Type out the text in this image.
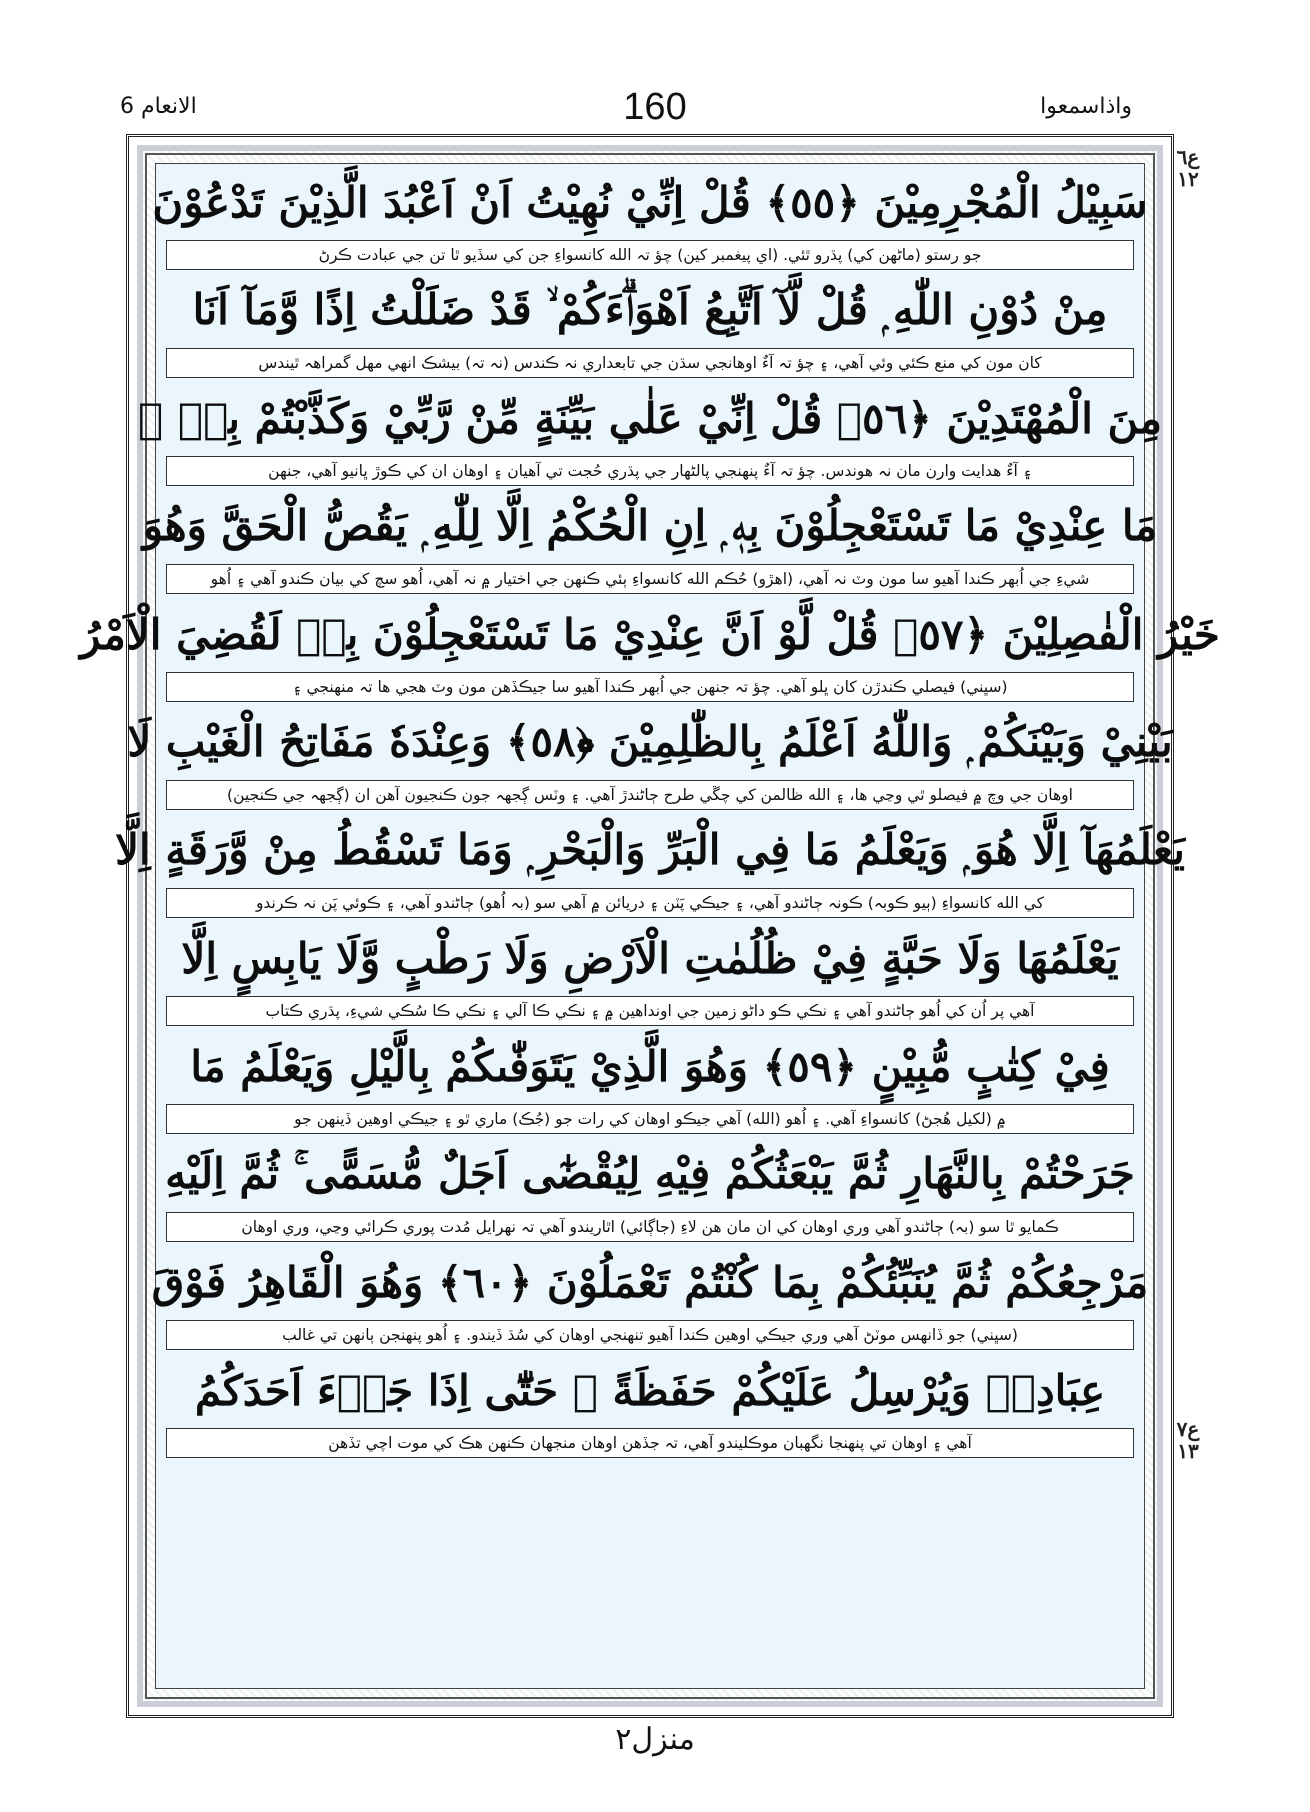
الانعام 6	160	واذاسمعوا
ع٦ ١٢
ع٧ ١٣
سَبِيْلُ الْمُجْرِمِيْنَ ﴿٥٥﴾ قُلْ اِنِّيْ نُهِيْتُ اَنْ اَعْبُدَ الَّذِيْنَ تَدْعُوْنَ
جو رستو (ماڻهن کي) پڌرو ٿئي. (اي پيغمبر کين) چؤ تہ الله کانسواءِ جن کي سڏيو ٿا تن جي عبادت ڪرڻ
مِنْ دُوْنِ اللّٰهِ ۭ قُلْ لَّآ اَتَّبِعُ اَهْوَاۗءَكُمْ ۙ قَدْ ضَلَلْتُ اِذًا وَّمَآ اَنَا
کان مون کي منع ڪئي وئي آهي، ۽ چؤ تہ آءٌ اوهانجي سڌن جي تابعداري نہ ڪندس (نہ تہ) بيشڪ انهي مهل گمراهہ ٿيندس
مِنَ الْمُهْتَدِيْنَ ﴿٥٦﴾ قُلْ اِنِّيْ عَلٰي بَيِّنَةٍ مِّنْ رَّبِّيْ وَكَذَّبْتُمْ بِهٖ ۭ
۽ آءٌ هدايت وارن مان نہ هوندس. چؤ تہ آءٌ پنهنجي پالڻهار جي پڌري حُجت تي آهيان ۽ اوهان ان کي ڪوڙ ڀانيو آهي، جنهن
مَا عِنْدِيْ مَا تَسْتَعْجِلُوْنَ بِهٖ ۭ اِنِ الْحُكْمُ اِلَّا لِلّٰهِ ۭ يَقُصُّ الْحَقَّ وَهُوَ
شيءِ جي اُبهر ڪندا آهيو سا مون وٽ نہ آهي، (اهڙو) حُڪم الله کانسواءِ ٻئي ڪنهن جي اختيار ۾ نہ آهي، اُهو سچ کي بيان ڪندو آهي ۽ اُهو
خَيْرُ الْفٰصِلِيْنَ ﴿٥٧﴾ قُلْ لَّوْ اَنَّ عِنْدِيْ مَا تَسْتَعْجِلُوْنَ بِهٖ لَقُضِيَ الْاَمْرُ
(سڀني) فيصلي ڪندڙن کان ڀلو آهي. چؤ تہ جنهن جي اُبهر ڪندا آهيو سا جيڪڏهن مون وٽ هجي ها تہ منهنجي ۽
بَيْنِيْ وَبَيْنَكُمْ ۭ وَاللّٰهُ اَعْلَمُ بِالظّٰلِمِيْنَ ﴿٥٨﴾ وَعِنْدَهٗ مَفَاتِحُ الْغَيْبِ لَا
اوهان جي وچ ۾ فيصلو ٿي وڃي ها، ۽ الله ظالمن کي چڱي طرح ڄاڻندڙ آهي. ۽ وٽس ڳجهہ جون ڪنجيون آهن ان (ڳجهہ جي ڪنجين)
يَعْلَمُهَآ اِلَّا هُوَ ۭ وَيَعْلَمُ مَا فِي الْبَرِّ وَالْبَحْرِ ۭ وَمَا تَسْقُطُ مِنْ وَّرَقَةٍ اِلَّا
کي الله کانسواءِ (ٻيو ڪوبہ) ڪونہ ڄاڻندو آهي، ۽ جيڪي پَٽن ۽ دريائن ۾ آهي سو (بہ اُهو) ڄاڻندو آهي، ۽ ڪوئي پَن نہ ڪرندو
يَعْلَمُهَا وَلَا حَبَّةٍ فِيْ ظُلُمٰتِ الْاَرْضِ وَلَا رَطْبٍ وَّلَا يَابِسٍ اِلَّا
آهي پر اُن کي اُهو ڄاڻندو آهي ۽ نڪي ڪو داڻو زمين جي اونداهين ۾ ۽ نڪي ڪا آلي ۽ نڪي ڪا سُڪي شيءِ، پڌري ڪتاب
فِيْ كِتٰبٍ مُّبِيْنٍ ﴿٥٩﴾ وَهُوَ الَّذِيْ يَتَوَفّٰىكُمْ بِالَّيْلِ وَيَعْلَمُ مَا
۾ (لکيل هُجڻ) کانسواءِ آهي. ۽ اُهو (الله) آهي جيڪو اوهان کي رات جو (جُڪ) ماري ٿو ۽ جيڪي اوهين ڏينهن جو
جَرَحْتُمْ بِالنَّهَارِ ثُمَّ يَبْعَثُكُمْ فِيْهِ لِيُقْضٰٓى اَجَلٌ مُّسَمًّى ۚ ثُمَّ اِلَيْهِ
ڪمايو ٿا سو (بہ) ڄاڻندو آهي وري اوهان کي ان مان هن لاءِ (جاڳائي) اٿاريندو آهي تہ نهرايل مُدت پوري ڪرائي وڃي، وري اوهان
مَرْجِعُكُمْ ثُمَّ يُنَبِّئُكُمْ بِمَا كُنْتُمْ تَعْمَلُوْنَ ﴿٦٠﴾ وَهُوَ الْقَاهِرُ فَوْقَ
(سڀني) جو ڏانهس موٽڻ آهي وري جيڪي اوهين ڪندا آهيو تنهنجي اوهان کي سُڌ ڏيندو. ۽ اُهو پنهنجن ٻانهن تي غالب
عِبَادِهٖ وَيُرْسِلُ عَلَيْكُمْ حَفَظَةً ۭ حَتّٰٓى اِذَا جَاۗءَ اَحَدَكُمُ
آهي ۽ اوهان تي پنهنجا نگهبان موڪليندو آهي، تہ جڏهن اوهان منجهان ڪنهن هڪ کي موت اچي تڏهن
منزل٢
